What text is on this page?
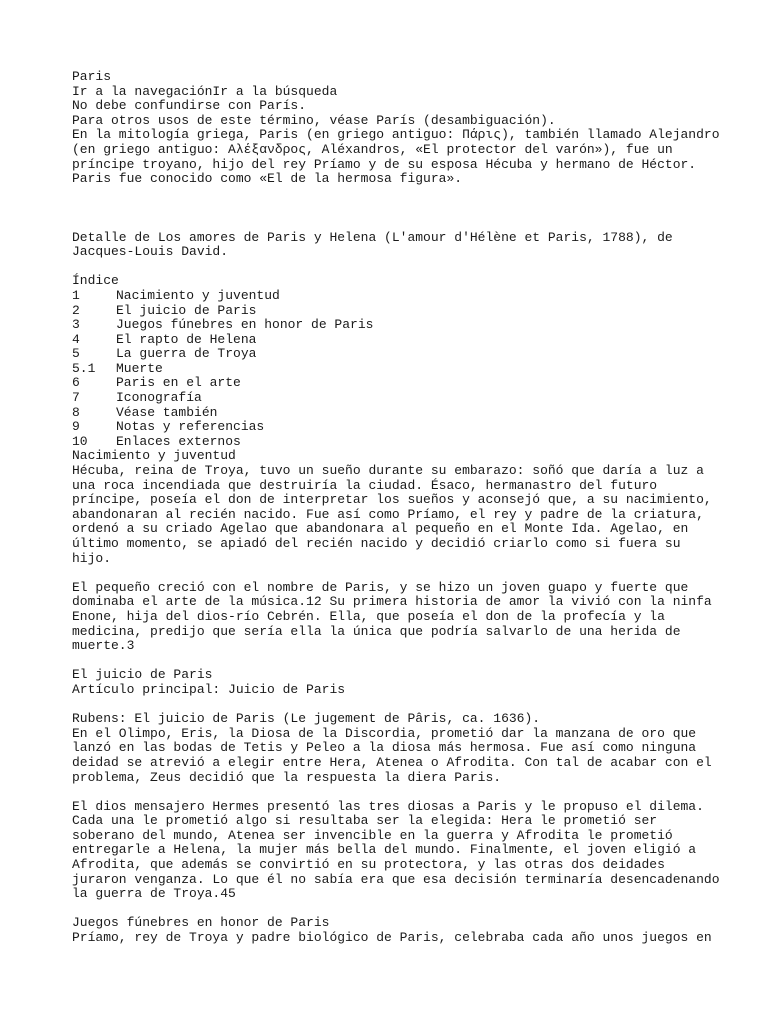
Paris
Ir a la navegaciónIr a la búsqueda
No debe confundirse con París.
Para otros usos de este término, véase París (desambiguación).
En la mitología griega, Paris (en griego antiguo: Πάρις), también llamado Alejandro
(en griego antiguo: Αλέξανδρος, Aléxandros, «El protector del varón»), fue un
príncipe troyano, hijo del rey Príamo y de su esposa Hécuba y hermano de Héctor.
Paris fue conocido como «El de la hermosa figura».
Detalle de Los amores de Paris y Helena (L'amour d'Hélène et Paris, 1788), de
Jacques-Louis David.
Índice
1	Nacimiento y juventud
2	El juicio de Paris
3	Juegos fúnebres en honor de Paris
4	El rapto de Helena
5	La guerra de Troya
5.1	Muerte
6	Paris en el arte
7	Iconografía
8	Véase también
9	Notas y referencias
10	Enlaces externos
Nacimiento y juventud
Hécuba, reina de Troya, tuvo un sueño durante su embarazo: soñó que daría a luz a
una roca incendiada que destruiría la ciudad. Ésaco, hermanastro del futuro
príncipe, poseía el don de interpretar los sueños y aconsejó que, a su nacimiento,
abandonaran al recién nacido. Fue así como Príamo, el rey y padre de la criatura,
ordenó a su criado Agelao que abandonara al pequeño en el Monte Ida. Agelao, en
último momento, se apiadó del recién nacido y decidió criarlo como si fuera su
hijo.
El pequeño creció con el nombre de Paris, y se hizo un joven guapo y fuerte que
dominaba el arte de la música.12 Su primera historia de amor la vivió con la ninfa
Enone, hija del dios-río Cebrén. Ella, que poseía el don de la profecía y la
medicina, predijo que sería ella la única que podría salvarlo de una herida de
muerte.3
El juicio de Paris
Artículo principal: Juicio de Paris
Rubens: El juicio de Paris (Le jugement de Pâris, ca. 1636).
En el Olimpo, Eris, la Diosa de la Discordia, prometió dar la manzana de oro que
lanzó en las bodas de Tetis y Peleo a la diosa más hermosa. Fue así como ninguna
deidad se atrevió a elegir entre Hera, Atenea o Afrodita. Con tal de acabar con el
problema, Zeus decidió que la respuesta la diera Paris.
El dios mensajero Hermes presentó las tres diosas a Paris y le propuso el dilema.
Cada una le prometió algo si resultaba ser la elegida: Hera le prometió ser
soberano del mundo, Atenea ser invencible en la guerra y Afrodita le prometió
entregarle a Helena, la mujer más bella del mundo. Finalmente, el joven eligió a
Afrodita, que además se convirtió en su protectora, y las otras dos deidades
juraron venganza. Lo que él no sabía era que esa decisión terminaría desencadenando
la guerra de Troya.45
Juegos fúnebres en honor de Paris
Príamo, rey de Troya y padre biológico de Paris, celebraba cada año unos juegos en
